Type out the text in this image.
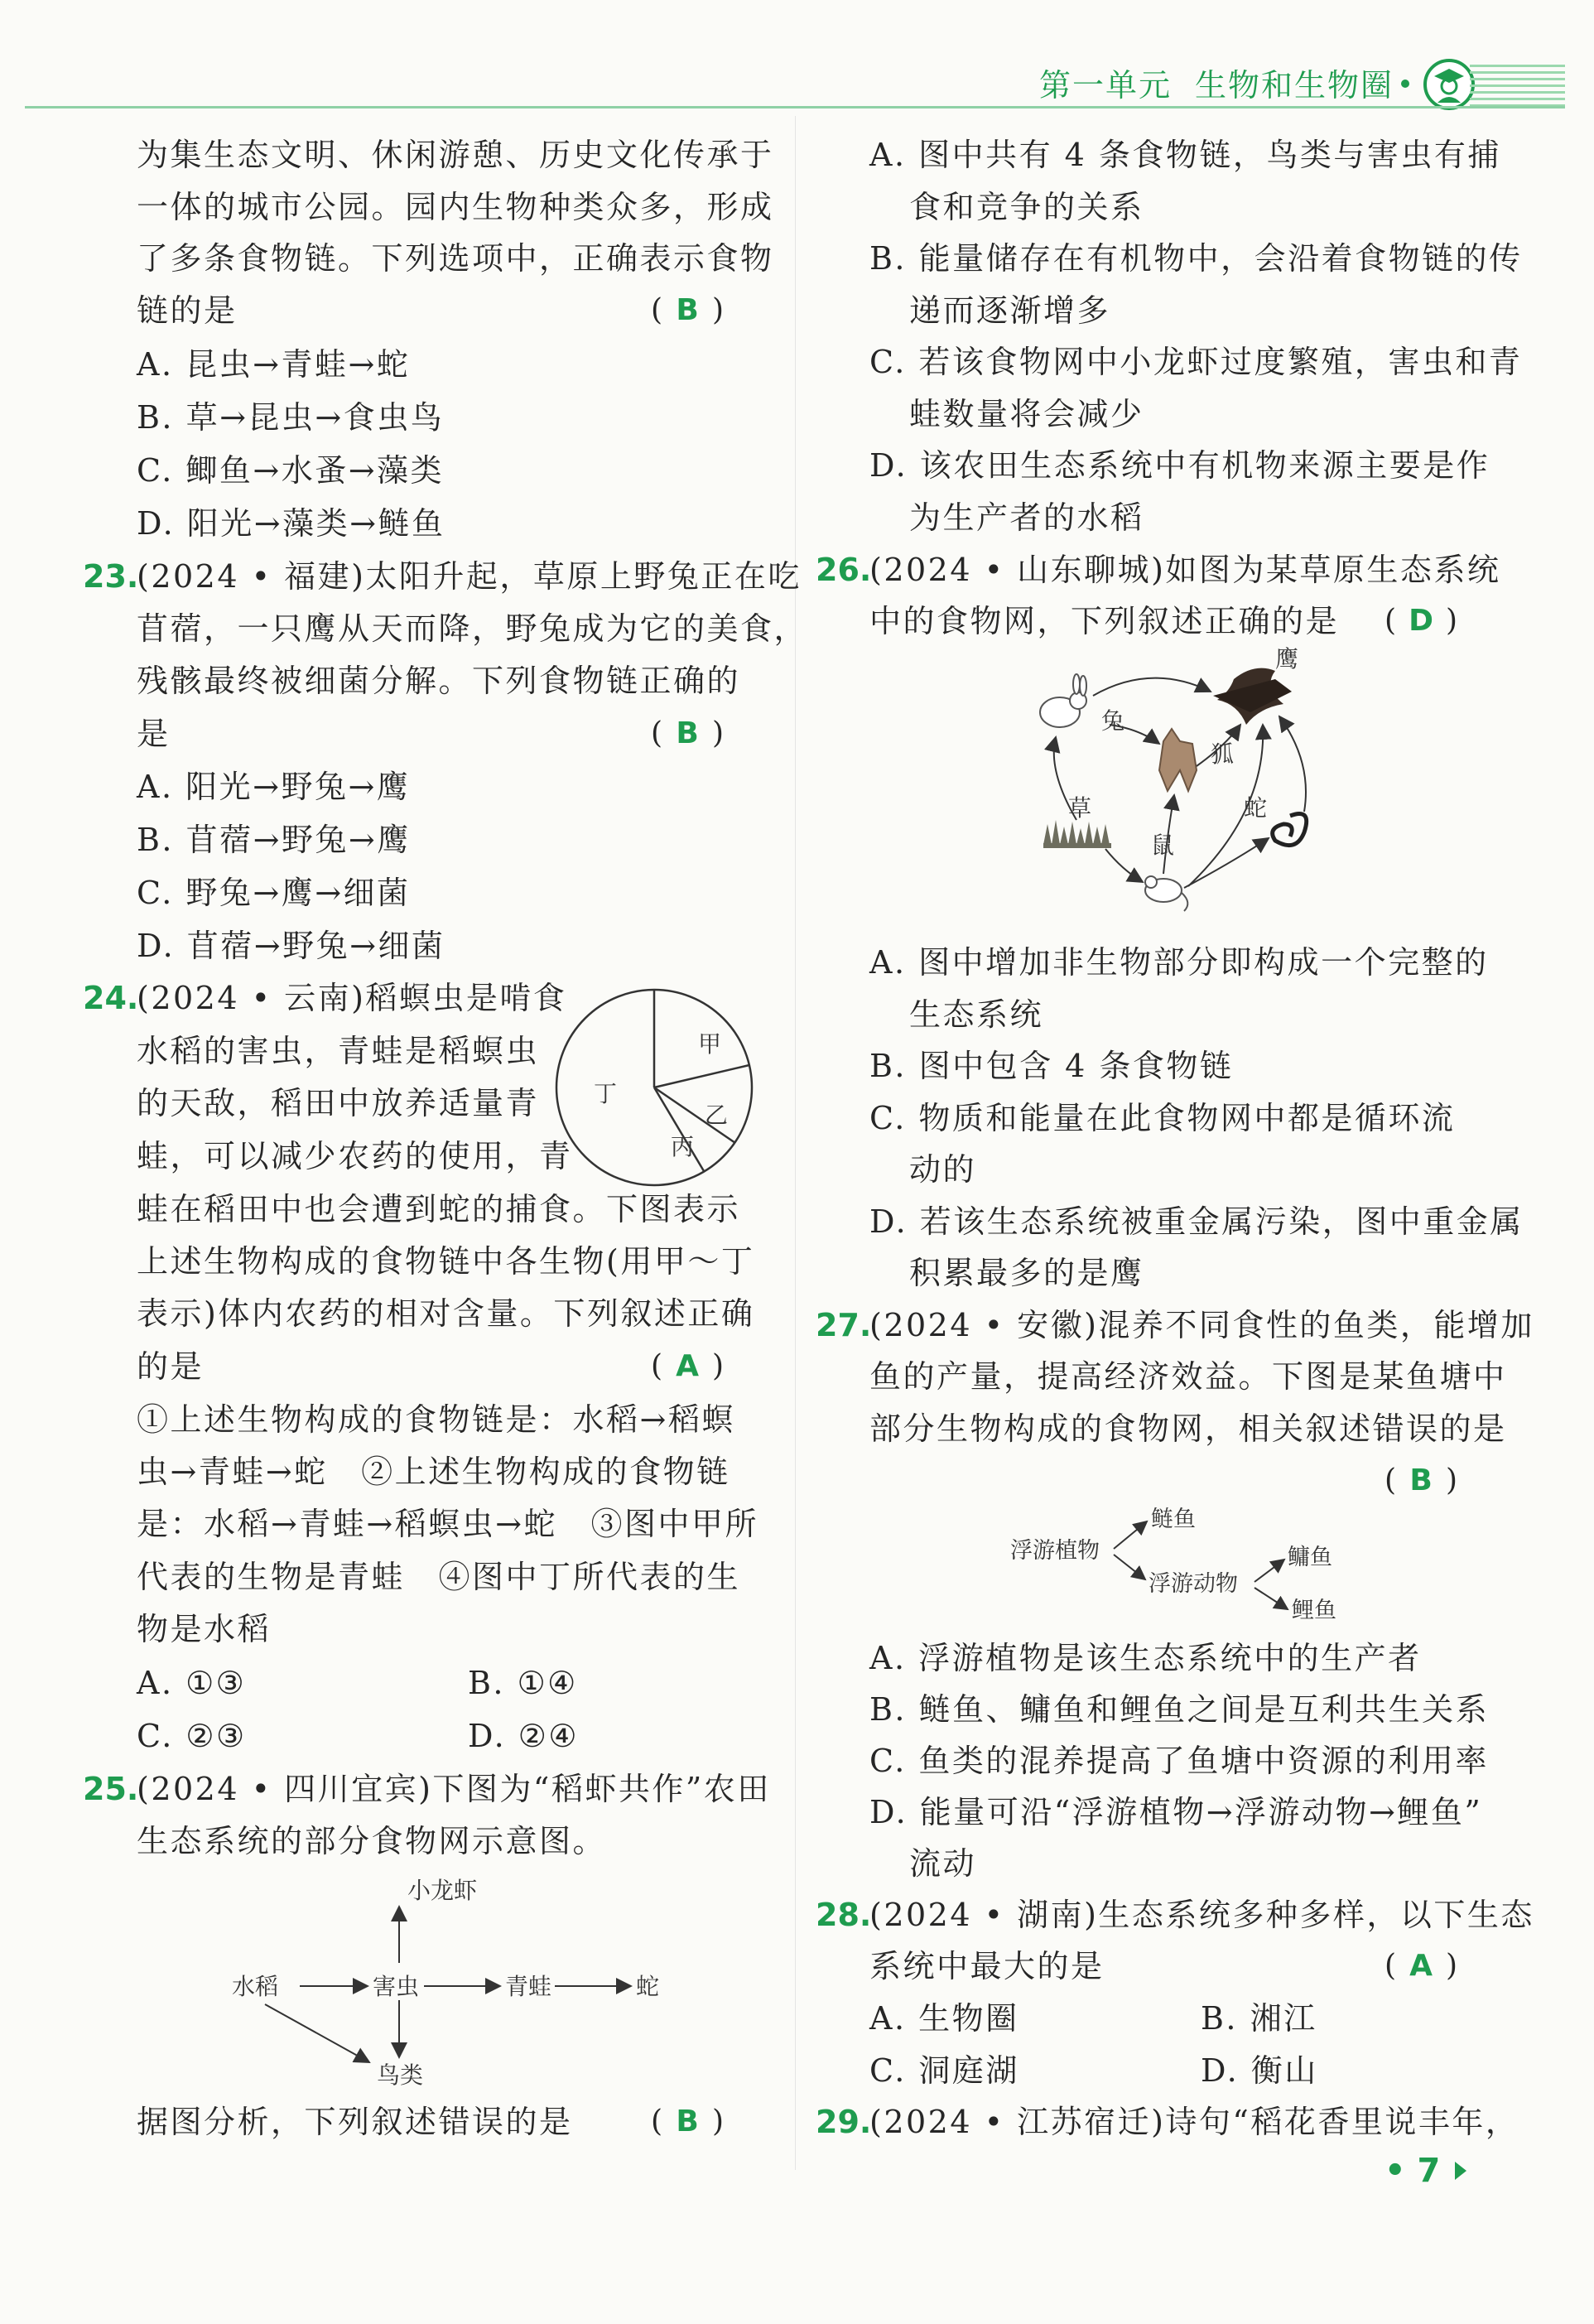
第一单元 生物和生物圈
为集生态文明、休闲游憩、历史文化传承于
一体的城市公园。园内生物种类众多，形成
了多条食物链。下列选项中，正确表示食物
链的是	( B )
A. 昆虫→青蛙→蛇
B. 草→昆虫→食虫鸟
C. 鲫鱼→水蚤→藻类
D. 阳光→藻类→鲢鱼
23.
(2024 • 福建)太阳升起，草原上野兔正在吃
苜蓿，一只鹰从天而降，野兔成为它的美食，
残骸最终被细菌分解。下列食物链正确的
是	( B )
A. 阳光→野兔→鹰
B. 苜蓿→野兔→鹰
C. 野兔→鹰→细菌
D. 苜蓿→野兔→细菌
24.
(2024 • 云南)稻螟虫是啃食
水稻的害虫，青蛙是稻螟虫
的天敌，稻田中放养适量青
蛙，可以减少农药的使用，青
甲
乙
丙
丁
蛙在稻田中也会遭到蛇的捕食。下图表示
上述生物构成的食物链中各生物(用甲～丁
表示)体内农药的相对含量。下列叙述正确
的是	( A )
①上述生物构成的食物链是：水稻→稻螟
虫→青蛙→蛇　②上述生物构成的食物链
是：水稻→青蛙→稻螟虫→蛇　③图中甲所
代表的生物是青蛙　④图中丁所代表的生
物是水稻
A. ①③	B. ①④
C. ②③	D. ②④
25.
(2024 • 四川宜宾)下图为“稻虾共作”农田
生态系统的部分食物网示意图。
小龙虾
水稻	害虫	青蛙	蛇
鸟类
据图分析，下列叙述错误的是	( B )
A. 图中共有 4 条食物链，鸟类与害虫有捕
食和竞争的关系
B. 能量储存在有机物中，会沿着食物链的传
递而逐渐增多
C. 若该食物网中小龙虾过度繁殖，害虫和青
蛙数量将会减少
D. 该农田生态系统中有机物来源主要是作
为生产者的水稻
26.
(2024 • 山东聊城)如图为某草原生态系统
中的食物网，下列叙述正确的是 ( D )
鹰
兔
狐
草
鼠
蛇
A. 图中增加非生物部分即构成一个完整的
生态系统
B. 图中包含 4 条食物链
C. 物质和能量在此食物网中都是循环流
动的
D. 若该生态系统被重金属污染，图中重金属
积累最多的是鹰
27.
(2024 • 安徽)混养不同食性的鱼类，能增加
鱼的产量，提高经济效益。下图是某鱼塘中
部分生物构成的食物网，相关叙述错误的是
( B )
浮游植物
鲢鱼
浮游动物
鳙鱼
鲤鱼
A. 浮游植物是该生态系统中的生产者
B. 鲢鱼、鳙鱼和鲤鱼之间是互利共生关系
C. 鱼类的混养提高了鱼塘中资源的利用率
D. 能量可沿“浮游植物→浮游动物→鲤鱼”
流动
28.
(2024 • 湖南)生态系统多种多样，以下生态
系统中最大的是	( A )
A. 生物圈	B. 湘江
C. 洞庭湖	D. 衡山
29.
(2024 • 江苏宿迁)诗句“稻花香里说丰年，
• 7
